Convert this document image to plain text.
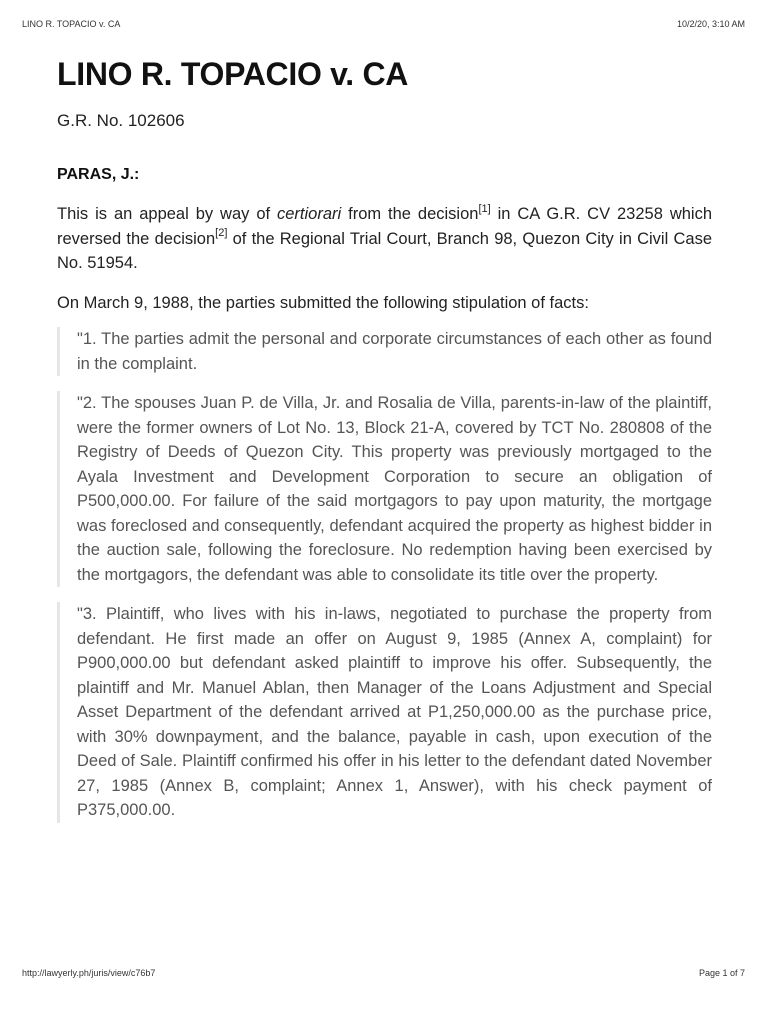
LINO R. TOPACIO v. CA	10/2/20, 3:10 AM
LINO R. TOPACIO v. CA

G.R. No. 102606

PARAS, J.:

This is an appeal by way of certiorari from the decision[1] in CA G.R. CV 23258 which reversed the decision[2] of the Regional Trial Court, Branch 98, Quezon City in Civil Case No. 51954.

On March 9, 1988, the parties submitted the following stipulation of facts:

"1. The parties admit the personal and corporate circumstances of each other as found in the complaint.
"2. The spouses Juan P. de Villa, Jr. and Rosalia de Villa, parents-in-law of the plaintiff, were the former owners of Lot No. 13, Block 21-A, covered by TCT No. 280808 of the Registry of Deeds of Quezon City. This property was previously mortgaged to the Ayala Investment and Development Corporation to secure an obligation of P500,000.00. For failure of the said mortgagors to pay upon maturity, the mortgage was foreclosed and consequently, defendant acquired the property as highest bidder in the auction sale, following the foreclosure. No redemption having been exercised by the mortgagors, the defendant was able to consolidate its title over the property.
"3. Plaintiff, who lives with his in-laws, negotiated to purchase the property from defendant. He first made an offer on August 9, 1985 (Annex A, complaint) for P900,000.00 but defendant asked plaintiff to improve his offer. Subsequently, the plaintiff and Mr. Manuel Ablan, then Manager of the Loans Adjustment and Special Asset Department of the defendant arrived at P1,250,000.00 as the purchase price, with 30% downpayment, and the balance, payable in cash, upon execution of the Deed of Sale. Plaintiff confirmed his offer in his letter to the defendant dated November 27, 1985 (Annex B, complaint; Annex 1, Answer), with his check payment of P375,000.00.
http://lawyerly.ph/juris/view/c76b7	Page 1 of 7
